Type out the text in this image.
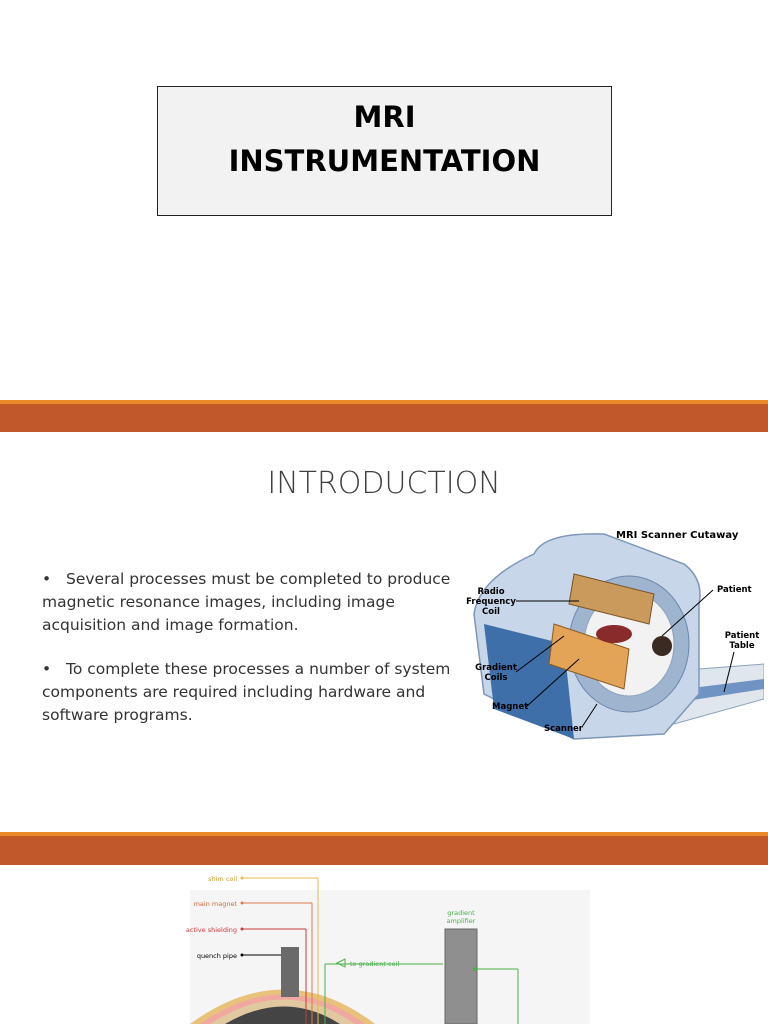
MRI
INSTRUMENTATION
INTRODUCTION
• Several processes must be completed to produce magnetic resonance images, including image acquisition and image formation.
• To complete these processes a number of system components are required including hardware and software programs.
MRI Scanner Cutaway
Radio
Frequency
Coil
Patient
Patient
Table
Gradient
Coils
Magnet
Scanner
shim coil
main magnet
active shielding
quench pipe
gradient
amplifier
to gradient coil
